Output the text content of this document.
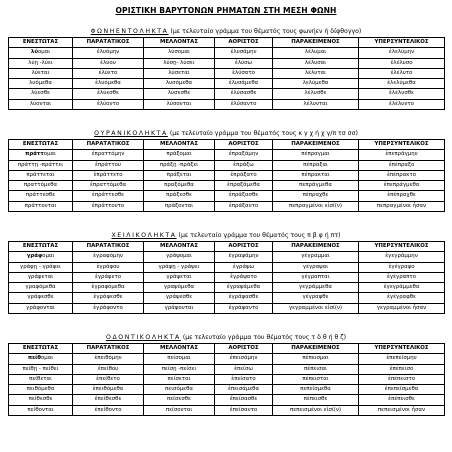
ΟΡΙΣΤΙΚΗ ΒΑΡΥΤΟΝΩΝ ΡΗΜΑΤΩΝ ΣΤΗ ΜΕΣΗ ΦΩΝΗ
ΦΩΝΗΕΝΤΟΛΗΚΤΑ (με τελευταίο γράμμα του θέματός τους φωνήεν ή δίφθογγο)
ΕΝΕΣΤΩΤΑΣ	ΠΑΡΑΤΑΤΙΚΟΣ	ΜΕΛΛΟΝΤΑΣ	ΑΟΡΙΣΤΟΣ	ΠΑΡΑΚΕΙΜΕΝΟΣ	ΥΠΕΡΣΥΝΤΕΛΙΚΟΣ
λύομαι	ἐλυόμην	λύσομαι	ἐλυσάμην	λέλυμαι	ἐλελύμην
λύῃ -λύει	ἐλύου	λύσῃ- λύσει	ἐλύσω	λέλυσαι	ἐλέλυσο
λύεται	ἐλύετο	λύσεται	ἐλύσατο	λέλυται	ἐλέλυτο
λυόμεθα	ἐλυόμεθα	λυσόμεθα	ἐλυσάμεθα	λελύμεθα	ἐλελύμεθα
λύεσθε	ἐλύεσθε	λύσεσθε	ἐλύσασθε	λέλυσθε	ἐλέλυσθε
λύονται	ἐλύοντο	λύσονται	ἐλύσαντο	λέλυνται	ἐλέλυντο
ΟΥΡΑΝΙΚΟΛΗΚΤΑ (με τελευταίο γράμμα του θέματός τους κ γ χ ή χ γ/π τσ σσ)
ΕΝΕΣΤΩΤΑΣ	ΠΑΡΑΤΑΤΙΚΟΣ	ΜΕΛΛΟΝΤΑΣ	ΑΟΡΙΣΤΟΣ	ΠΑΡΑΚΕΙΜΕΝΟΣ	ΥΠΕΡΣΥΝΤΕΛΙΚΟΣ
πράττομαι	ἐπραττόμην	πράξομαι	ἐπραξάμην	πέπραγμαι	ἐπεπράγμην
πράττῃ -πράττει	ἐπράττου	πράξῃ -πράξει	ἐπράξω	πέπραξαι	ἐπέπραξο
πράττεται	ἐπράττετο	πράξεται	ἐπράξατο	πέπρακται	ἐπέπρακτο
πραττόμεθα	ἐπραττόμεθα	πραξόμεθα	ἐπραξάμεθα	πεπράγμεθα	ἐπεπράγμεθα
πράττεσθε	ἐπράττεσθε	πράξεσθε	ἐπράξασθε	πέπραχθε	ἐπέπραχθε
πράττονται	ἐπράττοντο	πράξονται	ἐπράξαντο	πεπραγμένοι εἰσί(ν)	πεπραγμένοι ἦσαν
ΧΕΙΛΙΚΟΛΗΚΤΑ (με τελευταίο γράμμα του θέματός τους π β φ ή πτ)
ΕΝΕΣΤΩΤΑΣ	ΠΑΡΑΤΑΤΙΚΟΣ	ΜΕΛΛΟΝΤΑΣ	ΑΟΡΙΣΤΟΣ	ΠΑΡΑΚΕΙΜΕΝΟΣ	ΥΠΕΡΣΥΝΤΕΛΙΚΟΣ
γράφομαι	ἐγραφόμην	γράψομαι	ἐγραψάμην	γέγραμμαι	ἐγεγράμμην
γράφῃ - γράφει	ἐγράφου	γράψῃ - γράψει	ἐγράψω	γέγραψαι	ἐγέγραψο
γράφεται	ἐγράφετο	γράψεται	ἐγράψατο	γέγραπται	ἐγέγραπτο
γραφόμεθα	ἐγραφόμεθα	γραψόμεθα	ἐγραψάμεθα	γεγράμμεθα	ἐγεγράμμεθα
γράφεσθε	ἐγράφεσθε	γράψεσθε	ἐγράψασθε	γέγραφθε	ἐγέγραφθε
γράφονται	ἐγράφοντο	γράψονται	ἐγράψαντο	γεγραμμένοι εἰσί(ν)	γεγραμμένοι ἦσαν
ΟΔΟΝΤΙΚΟΛΗΚΤΑ (με τελευταίο γράμμα του θέματός τους τ δ θ ή θ ζ)
ΕΝΕΣΤΩΤΑΣ	ΠΑΡΑΤΑΤΙΚΟΣ	ΜΕΛΛΟΝΤΑΣ	ΑΟΡΙΣΤΟΣ	ΠΑΡΑΚΕΙΜΕΝΟΣ	ΥΠΕΡΣΥΝΤΕΛΙΚΟΣ
πείθομαι	ἐπειθόμην	πείσομαι	ἐπεισάμην	πέπεισμαι	ἐπεπείσμην
πείθῃ - πείθει	ἐπείθου	πείσῃ -πείσει	ἐπείσω	πέπεισαι	ἐπέπεισο
πείθεται	ἐπείθετο	πείσεται	ἐπείσατο	πέπεισται	ἐπέπειστο
πειθόμεθα	ἐπειθόμεθα	πεισόμεθα	ἐπεισάμεθα	πεπείσμεθα	ἐπεπείσμεθα
πείθεσθε	ἐπείθεσθε	πείσεσθε	ἐπείσασθε	πέπεισθε	ἐπέπεισθε
πείθονται	ἐπείθοντο	πείσονται	ἐπείσαντο	πεπεισμένοι εἰσί(ν)	πεπεισμένοι ἦσαν
